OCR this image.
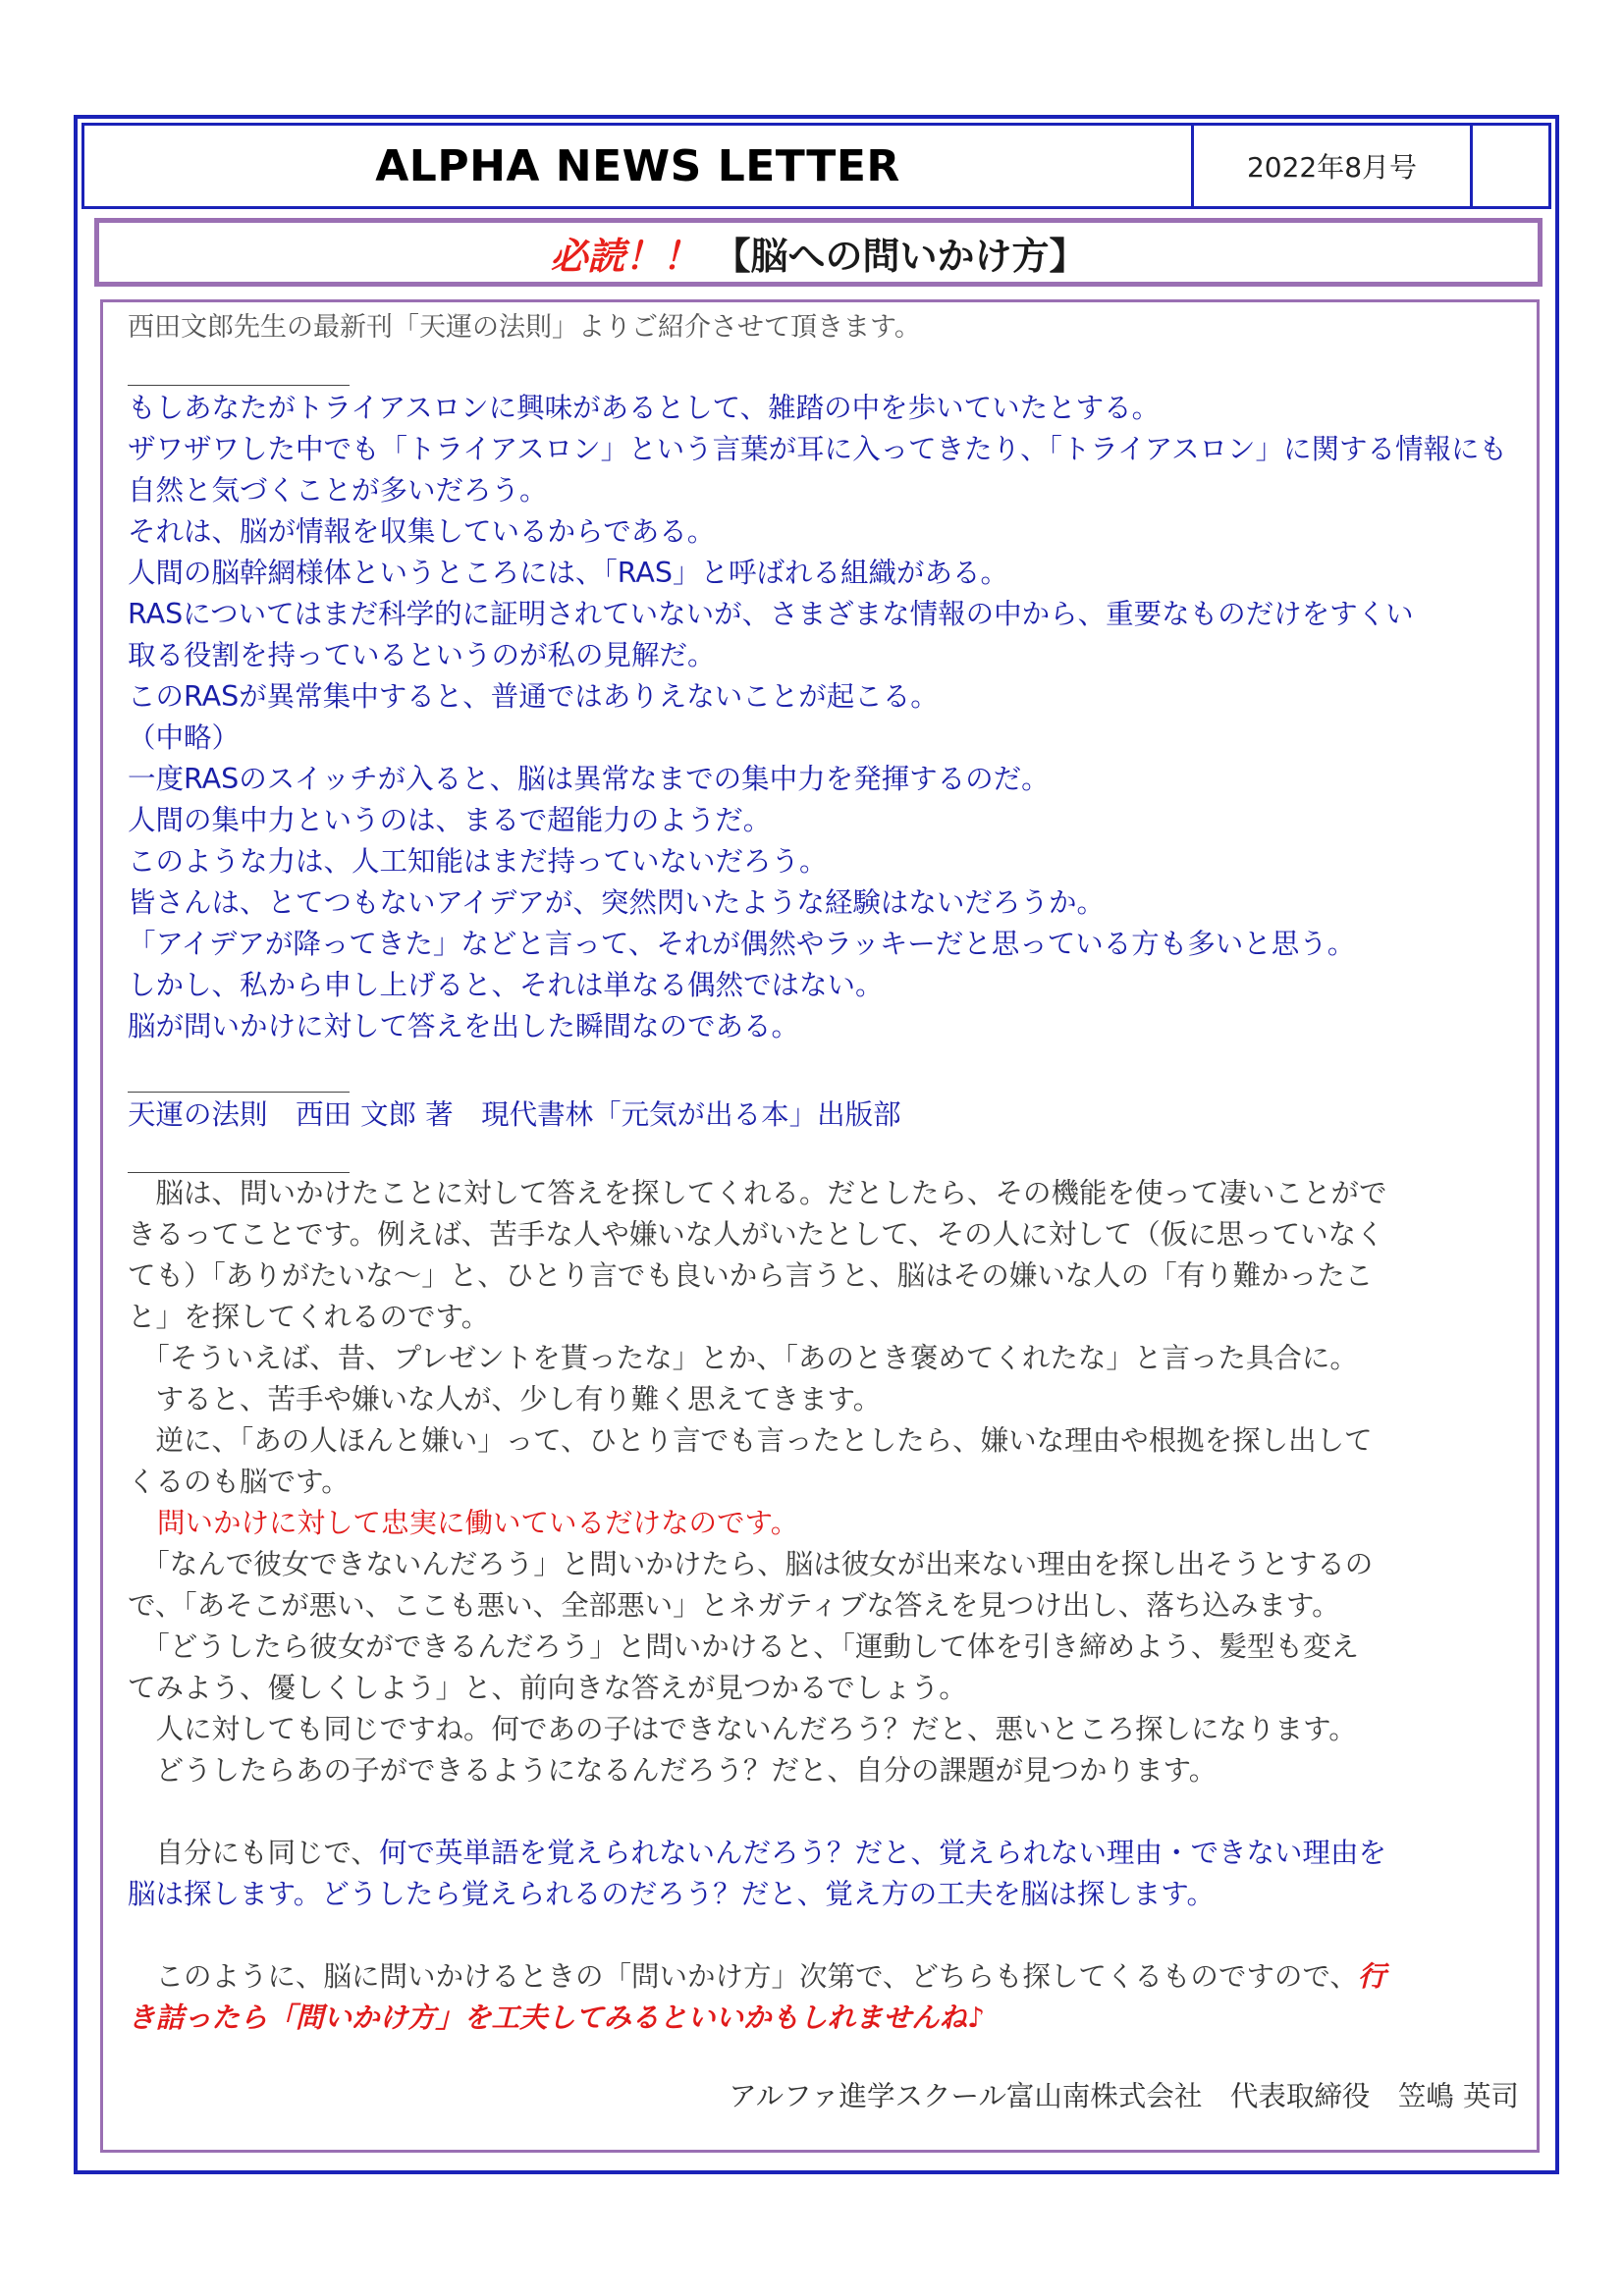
ALPHA NEWS LETTER	2022年8月号
必読！！ 【脳への問いかけ方】
西田文郎先生の最新刊「天運の法則」よりご紹介させて頂きます。
もしあなたがトライアスロンに興味があるとして、雑踏の中を歩いていたとする。
ザワザワした中でも「トライアスロン」という言葉が耳に入ってきたり、「トライアスロン」に関する情報にも
自然と気づくことが多いだろう。
それは、脳が情報を収集しているからである。
人間の脳幹網様体というところには、「RAS」と呼ばれる組織がある。
RASについてはまだ科学的に証明されていないが、さまざまな情報の中から、重要なものだけをすくい
取る役割を持っているというのが私の見解だ。
このRASが異常集中すると、普通ではありえないことが起こる。
（中略）
一度RASのスイッチが入ると、脳は異常なまでの集中力を発揮するのだ。
人間の集中力というのは、まるで超能力のようだ。
このような力は、人工知能はまだ持っていないだろう。
皆さんは、とてつもないアイデアが、突然閃いたような経験はないだろうか。
「アイデアが降ってきた」などと言って、それが偶然やラッキーだと思っている方も多いと思う。
しかし、私から申し上げると、それは単なる偶然ではない。
脳が問いかけに対して答えを出した瞬間なのである。
天運の法則　西田 文郎 著　現代書林「元気が出る本」出版部
　脳は、問いかけたことに対して答えを探してくれる。だとしたら、その機能を使って凄いことがで
きるってことです。例えば、苦手な人や嫌いな人がいたとして、その人に対して（仮に思っていなく
ても）「ありがたいな～」と、ひとり言でも良いから言うと、脳はその嫌いな人の「有り難かったこ
と」を探してくれるのです。
　「そういえば、昔、プレゼントを貰ったな」とか、「あのとき褒めてくれたな」と言った具合に。
　すると、苦手や嫌いな人が、少し有り難く思えてきます。
　逆に、「あの人ほんと嫌い」って、ひとり言でも言ったとしたら、嫌いな理由や根拠を探し出して
くるのも脳です。
問いかけに対して忠実に働いているだけなのです。
　「なんで彼女できないんだろう」と問いかけたら、脳は彼女が出来ない理由を探し出そうとするの
で、「あそこが悪い、ここも悪い、全部悪い」とネガティブな答えを見つけ出し、落ち込みます。
　「どうしたら彼女ができるんだろう」と問いかけると、「運動して体を引き締めよう、髪型も変え
てみよう、優しくしよう」と、前向きな答えが見つかるでしょう。
　人に対しても同じですね。何であの子はできないんだろう？だと、悪いところ探しになります。
　どうしたらあの子ができるようになるんだろう？だと、自分の課題が見つかります。
　自分にも同じで、何で英単語を覚えられないんだろう？だと、覚えられない理由・できない理由を
脳は探します。どうしたら覚えられるのだろう？だと、覚え方の工夫を脳は探します。
　このように、脳に問いかけるときの「問いかけ方」次第で、どちらも探してくるものですので、行
き詰ったら「問いかけ方」を工夫してみるといいかもしれませんね♪
アルファ進学スクール富山南株式会社　代表取締役　笠嶋 英司
